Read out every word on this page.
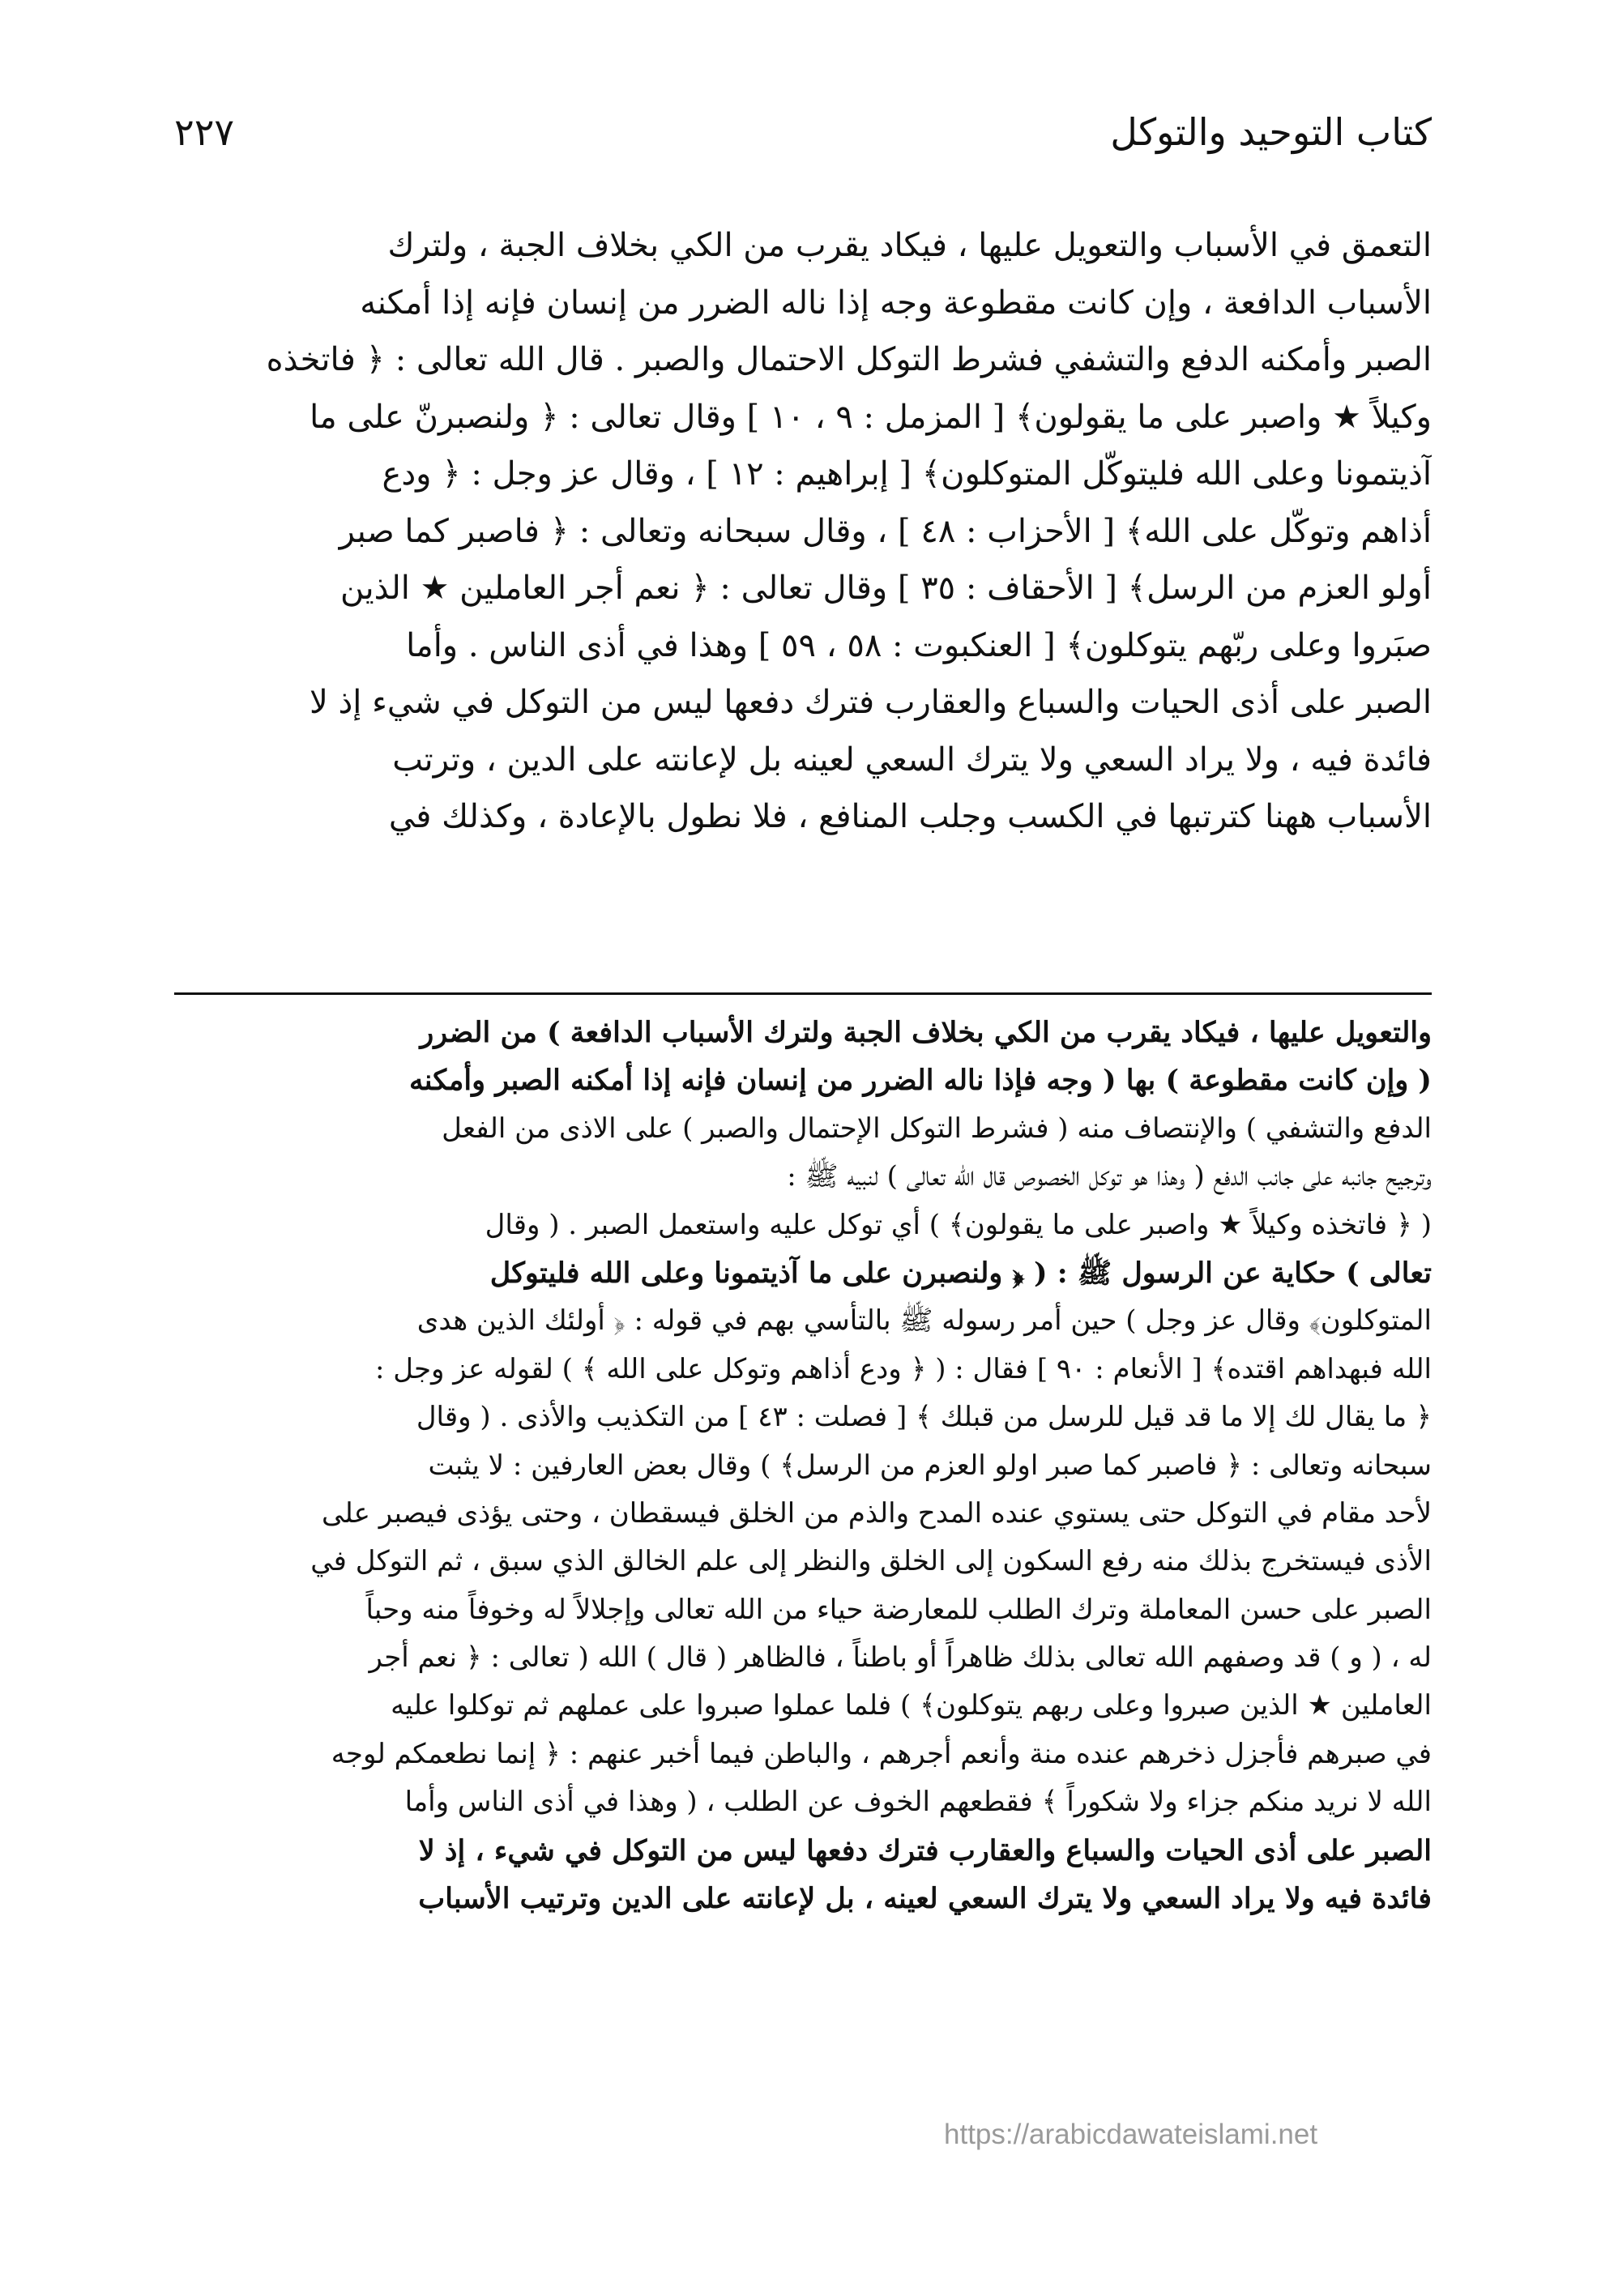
كتاب التوحيد والتوكل
٢٢٧
التعمق في الأسباب والتعويل عليها ، فيكاد يقرب من الكي بخلاف الجبة ، ولترك
الأسباب الدافعة ، وإن كانت مقطوعة وجه إذا ناله الضرر من إنسان فإنه إذا أمكنه
الصبر وأمكنه الدفع والتشفي فشرط التوكل الاحتمال والصبر . قال الله تعالى : ﴿ فاتخذه
وكيلاً ★ واصبر على ما يقولون﴾ [ المزمل : ٩ ، ١٠ ] وقال تعالى : ﴿ ولنصبرنّ على ما
آذيتمونا وعلى الله فليتوكّل المتوكلون﴾ [ إبراهيم : ١٢ ] ، وقال عز وجل : ﴿ ودع
أذاهم وتوكّل على الله﴾ [ الأحزاب : ٤٨ ] ، وقال سبحانه وتعالى : ﴿ فاصبر كما صبر
أولو العزم من الرسل﴾ [ الأحقاف : ٣٥ ] وقال تعالى : ﴿ نعم أجر العاملين ★ الذين
صبَروا وعلى ربّهم يتوكلون﴾ [ العنكبوت : ٥٨ ، ٥٩ ] وهذا في أذى الناس . وأما
الصبر على أذى الحيات والسباع والعقارب فترك دفعها ليس من التوكل في شيء إذ لا
فائدة فيه ، ولا يراد السعي ولا يترك السعي لعينه بل لإعانته على الدين ، وترتب
الأسباب ههنا كترتبها في الكسب وجلب المنافع ، فلا نطول بالإعادة ، وكذلك في
والتعويل عليها ، فيكاد يقرب من الكي بخلاف الجبة ولترك الأسباب الدافعة ) من الضرر
( وإن كانت مقطوعة ) بها ( وجه فإذا ناله الضرر من إنسان فإنه إذا أمكنه الصبر وأمكنه
الدفع والتشفي ) والإنتصاف منه ( فشرط التوكل الإحتمال والصبر ) على الاذى من الفعل
وترجيح جانبه على جانب الدفع ( وهذا هو توكل الخصوص قال الله تعالى ) لنبيه ﷺ :
( ﴿ فاتخذه وكيلاً ★ واصبر على ما يقولون﴾ ) أي توكل عليه واستعمل الصبر . ( وقال
تعالى ) حكاية عن الرسول ﷺ : ( ﴿ ولنصبرن على ما آذيتمونا وعلى الله فليتوكل
المتوكلون﴾ وقال عز وجل ) حين أمر رسوله ﷺ بالتأسي بهم في قوله : ﴿ أولئك الذين هدى
الله فبهداهم اقتده﴾ [ الأنعام : ٩٠ ] فقال : ( ﴿ ودع أذاهم وتوكل على الله ﴾ ) لقوله عز وجل :
﴿ ما يقال لك إلا ما قد قيل للرسل من قبلك ﴾ [ فصلت : ٤٣ ] من التكذيب والأذى . ( وقال
سبحانه وتعالى : ﴿ فاصبر كما صبر اولو العزم من الرسل﴾ ) وقال بعض العارفين : لا يثبت
لأحد مقام في التوكل حتى يستوي عنده المدح والذم من الخلق فيسقطان ، وحتى يؤذى فيصبر على
الأذى فيستخرج بذلك منه رفع السكون إلى الخلق والنظر إلى علم الخالق الذي سبق ، ثم التوكل في
الصبر على حسن المعاملة وترك الطلب للمعارضة حياء من الله تعالى وإجلالاً له وخوفاً منه وحباً
له ، ( و ) قد وصفهم الله تعالى بذلك ظاهراً أو باطناً ، فالظاهر ( قال ) الله ( تعالى : ﴿ نعم أجر
العاملين ★ الذين صبروا وعلى ربهم يتوكلون﴾ ) فلما عملوا صبروا على عملهم ثم توكلوا عليه
في صبرهم فأجزل ذخرهم عنده منة وأنعم أجرهم ، والباطن فيما أخبر عنهم : ﴿ إنما نطعمكم لوجه
الله لا نريد منكم جزاء ولا شكوراً ﴾ فقطعهم الخوف عن الطلب ، ( وهذا في أذى الناس وأما
الصبر على أذى الحيات والسباع والعقارب فترك دفعها ليس من التوكل في شيء ، إذ لا
فائدة فيه ولا يراد السعي ولا يترك السعي لعينه ، بل لإعانته على الدين وترتيب الأسباب
https://arabicdawateislami.net
